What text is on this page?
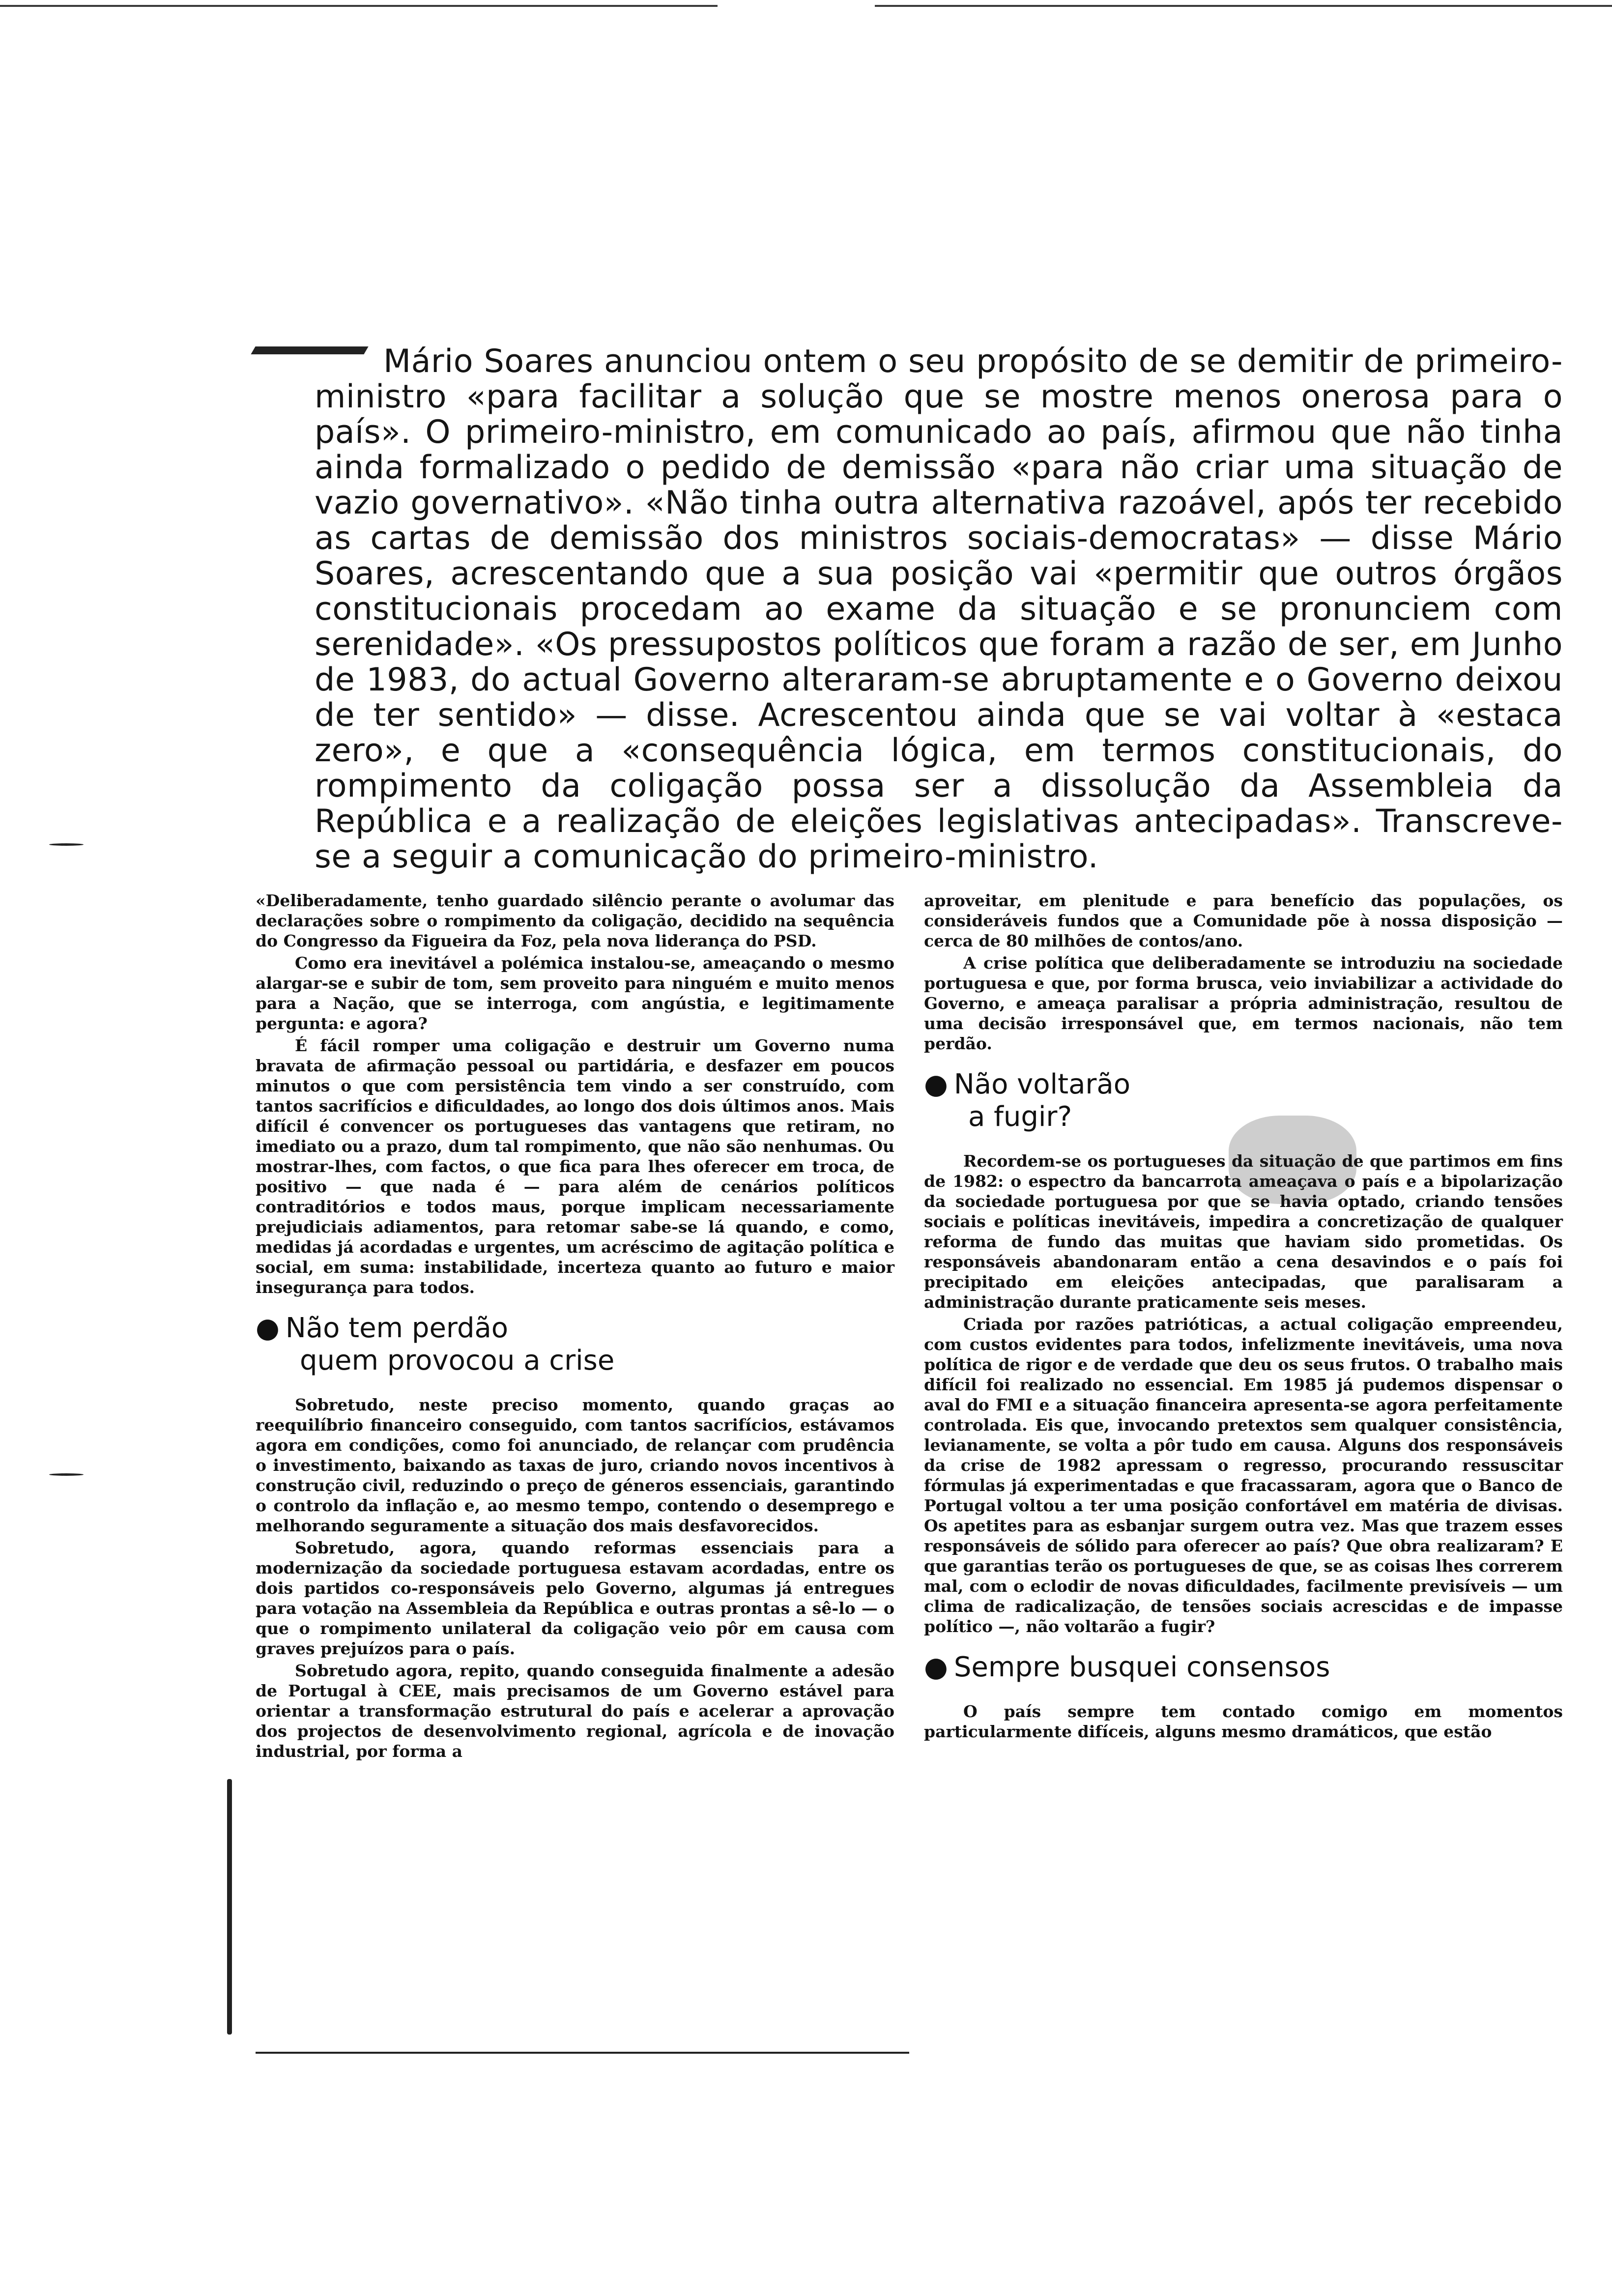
Mário Soares anunciou ontem o seu propósito de se demitir de primeiro-ministro «para facilitar a solução que se mostre menos onerosa para o país». O primeiro-ministro, em comunicado ao país, afirmou que não tinha ainda formalizado o pedido de demissão «para não criar uma situação de vazio governativo». «Não tinha outra alternativa razoável, após ter recebido as cartas de demissão dos ministros sociais-democratas» — disse Mário Soares, acrescentando que a sua posição vai «permitir que outros órgãos constitucionais procedam ao exame da situação e se pronunciem com serenidade». «Os pressupostos políticos que foram a razão de ser, em Junho de 1983, do actual Governo alteraram-se abruptamente e o Governo deixou de ter sentido» — disse. Acrescentou ainda que se vai voltar à «estaca zero», e que a «consequência lógica, em termos constitucionais, do rompimento da coligação possa ser a dissolução da Assembleia da República e a realização de eleições legislativas antecipadas». Transcreve-se a seguir a comunicação do primeiro-ministro.

«Deliberadamente, tenho guardado silêncio perante o avolumar das declarações sobre o rompimento da coligação, decidido na sequência do Congresso da Figueira da Foz, pela nova liderança do PSD.

Como era inevitável a polémica instalou-se, ameaçando o mesmo alargar-se e subir de tom, sem proveito para ninguém e muito menos para a Nação, que se interroga, com angústia, e legitimamente pergunta: e agora?

É fácil romper uma coligação e destruir um Governo numa bravata de afirmação pessoal ou partidária, e desfazer em poucos minutos o que com persistência tem vindo a ser construído, com tantos sacrifícios e dificuldades, ao longo dos dois últimos anos. Mais difícil é convencer os portugueses das vantagens que retiram, no imediato ou a prazo, dum tal rompimento, que não são nenhumas. Ou mostrar-lhes, com factos, o que fica para lhes oferecer em troca, de positivo — que nada é — para além de cenários políticos contraditórios e todos maus, porque implicam necessariamente prejudiciais adiamentos, para retomar sabe-se lá quando, e como, medidas já acordadas e urgentes, um acréscimo de agitação política e social, em suma: instabilidade, incerteza quanto ao futuro e maior insegurança para todos.

● Não tem perdão
quem provocou a crise

Sobretudo, neste preciso momento, quando graças ao reequilíbrio financeiro conseguido, com tantos sacrifícios, estávamos agora em condições, como foi anunciado, de relançar com prudência o investimento, baixando as taxas de juro, criando novos incentivos à construção civil, reduzindo o preço de géneros essenciais, garantindo o controlo da inflação e, ao mesmo tempo, contendo o desemprego e melhorando seguramente a situação dos mais desfavorecidos.

Sobretudo, agora, quando reformas essenciais para a modernização da sociedade portuguesa estavam acordadas, entre os dois partidos co-responsáveis pelo Governo, algumas já entregues para votação na Assembleia da República e outras prontas a sê-lo — o que o rompimento unilateral da coligação veio pôr em causa com graves prejuízos para o país.

Sobretudo agora, repito, quando conseguida finalmente a adesão de Portugal à CEE, mais precisamos de um Governo estável para orientar a transformação estrutural do país e acelerar a aprovação dos projectos de desenvolvimento regional, agrícola e de inovação industrial, por forma a

aproveitar, em plenitude e para benefício das populações, os consideráveis fundos que a Comunidade põe à nossa disposição — cerca de 80 milhões de contos/ano.

A crise política que deliberadamente se introduziu na sociedade portuguesa e que, por forma brusca, veio inviabilizar a actividade do Governo, e ameaça paralisar a própria administração, resultou de uma decisão irresponsável que, em termos nacionais, não tem perdão.

● Não voltarão
a fugir?

Recordem-se os portugueses da situação de que partimos em fins de 1982: o espectro da bancarrota ameaçava o país e a bipolarização da sociedade portuguesa por que se havia optado, criando tensões sociais e políticas inevitáveis, impedira a concretização de qualquer reforma de fundo das muitas que haviam sido prometidas. Os responsáveis abandonaram então a cena desavindos e o país foi precipitado em eleições antecipadas, que paralisaram a administração durante praticamente seis meses.

Criada por razões patrióticas, a actual coligação empreendeu, com custos evidentes para todos, infelizmente inevitáveis, uma nova política de rigor e de verdade que deu os seus frutos. O trabalho mais difícil foi realizado no essencial. Em 1985 já pudemos dispensar o aval do FMI e a situação financeira apresenta-se agora perfeitamente controlada. Eis que, invocando pretextos sem qualquer consistência, levianamente, se volta a pôr tudo em causa. Alguns dos responsáveis da crise de 1982 apressam o regresso, procurando ressuscitar fórmulas já experimentadas e que fracassaram, agora que o Banco de Portugal voltou a ter uma posição confortável em matéria de divisas. Os apetites para as esbanjar surgem outra vez. Mas que trazem esses responsáveis de sólido para oferecer ao país? Que obra realizaram? E que garantias terão os portugueses de que, se as coisas lhes correrem mal, com o eclodir de novas dificuldades, facilmente previsíveis — um clima de radicalização, de tensões sociais acrescidas e de impasse político —, não voltarão a fugir?

● Sempre busquei consensos

O país sempre tem contado comigo em momentos particularmente difíceis, alguns mesmo dramáticos, que estão
